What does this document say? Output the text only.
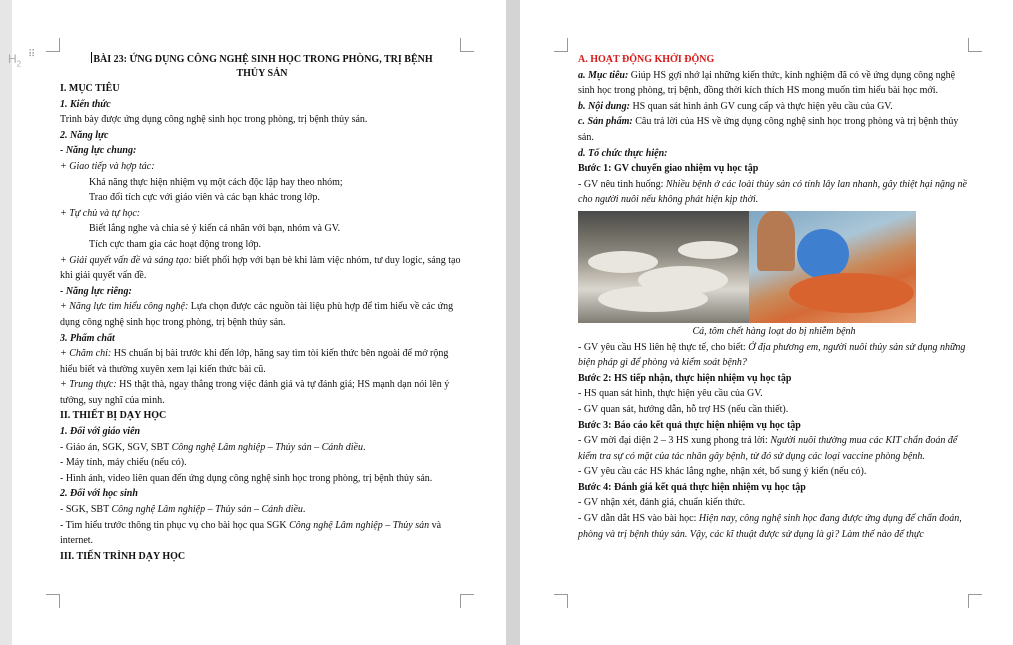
BÀI 23: ỨNG DỤNG CÔNG NGHỆ SINH HỌC TRONG PHÒNG, TRỊ BỆNH
THỦY SẢN

I. MỤC TIÊU

1. Kiến thức

Trình bày được ứng dụng công nghệ sinh học trong phòng, trị bệnh thủy sản.

2. Năng lực

- Năng lực chung:

+ Giao tiếp và hợp tác:

Khả năng thực hiện nhiệm vụ một cách độc lập hay theo nhóm;

Trao đổi tích cực với giáo viên và các bạn khác trong lớp.

+ Tự chủ và tự học:

Biết lắng nghe và chia sẻ ý kiến cá nhân với bạn, nhóm và GV.

Tích cực tham gia các hoạt động trong lớp.

+ Giải quyết vấn đề và sáng tạo: biết phối hợp với bạn bè khi làm việc nhóm, tư duy logic, sáng tạo khi giải quyết vấn đề.

- Năng lực riêng:

+ Năng lực tìm hiểu công nghệ: Lựa chọn được các nguồn tài liệu phù hợp để tìm hiểu về các ứng dụng công nghệ sinh học trong phòng, trị bệnh thủy sản.

3. Phẩm chất

+ Chăm chỉ: HS chuẩn bị bài trước khi đến lớp, hăng say tìm tòi kiến thức bên ngoài để mở rộng hiểu biết và thường xuyên xem lại kiến thức bài cũ.

+ Trung thực: HS thật thà, ngay thẳng trong việc đánh giá và tự đánh giá; HS mạnh dạn nói lên ý tưởng, suy nghĩ của mình.

II. THIẾT BỊ DẠY HỌC

1. Đối với giáo viên

- Giáo án, SGK, SGV, SBT Công nghệ Lâm nghiệp – Thủy sản – Cánh diều.

- Máy tính, máy chiếu (nếu có).

- Hình ảnh, video liên quan đến ứng dụng công nghệ sinh học trong phòng, trị bệnh thủy sản.

2. Đối với học sinh

- SGK, SBT Công nghệ Lâm nghiệp – Thủy sản – Cánh diều.

- Tìm hiểu trước thông tin phục vụ cho bài học qua SGK Công nghệ Lâm nghiệp – Thủy sản và internet.

III. TIẾN TRÌNH DẠY HỌC

$H_2$
⠿	A. HOẠT ĐỘNG KHỞI ĐỘNG

a. Mục tiêu: Giúp HS gợi nhớ lại những kiến thức, kinh nghiệm đã có về ứng dụng công nghệ sinh học trong phòng, trị bệnh, đồng thời kích thích HS mong muốn tìm hiểu bài học mới.

b. Nội dung: HS quan sát hình ảnh GV cung cấp và thực hiện yêu cầu của GV.

c. Sản phẩm: Câu trả lời của HS về ứng dụng công nghệ sinh học trong phòng và trị bệnh thủy sản.

d. Tổ chức thực hiện:

Bước 1: GV chuyển giao nhiệm vụ học tập

- GV nêu tình huống: Nhiều bệnh ở các loài thủy sản có tính lây lan nhanh, gây thiệt hại nặng nề cho người nuôi nếu không phát hiện kịp thời.

Cá, tôm chết hàng loạt do bị nhiễm bệnh

- GV yêu cầu HS liên hệ thực tế, cho biết: Ở địa phương em, người nuôi thủy sản sử dụng những biện pháp gì để phòng và kiểm soát bệnh?

Bước 2: HS tiếp nhận, thực hiện nhiệm vụ học tập

- HS quan sát hình, thực hiện yêu cầu của GV.

- GV quan sát, hướng dẫn, hỗ trợ HS (nếu cần thiết).

Bước 3: Báo cáo kết quả thực hiện nhiệm vụ học tập

- GV mời đại diện 2 – 3 HS xung phong trả lời: Người nuôi thường mua các KIT chẩn đoán để kiểm tra sự có mặt của tác nhân gây bệnh, từ đó sử dụng các loại vaccine phòng bệnh.

- GV yêu cầu các HS khác lắng nghe, nhận xét, bổ sung ý kiến (nếu có).

Bước 4: Đánh giá kết quả thực hiện nhiệm vụ học tập

- GV nhận xét, đánh giá, chuẩn kiến thức.

- GV dẫn dắt HS vào bài học: Hiện nay, công nghệ sinh học đang được ứng dụng để chẩn đoán, phòng và trị bệnh thủy sản. Vậy, các kĩ thuật được sử dụng là gì? Làm thế nào để thực
